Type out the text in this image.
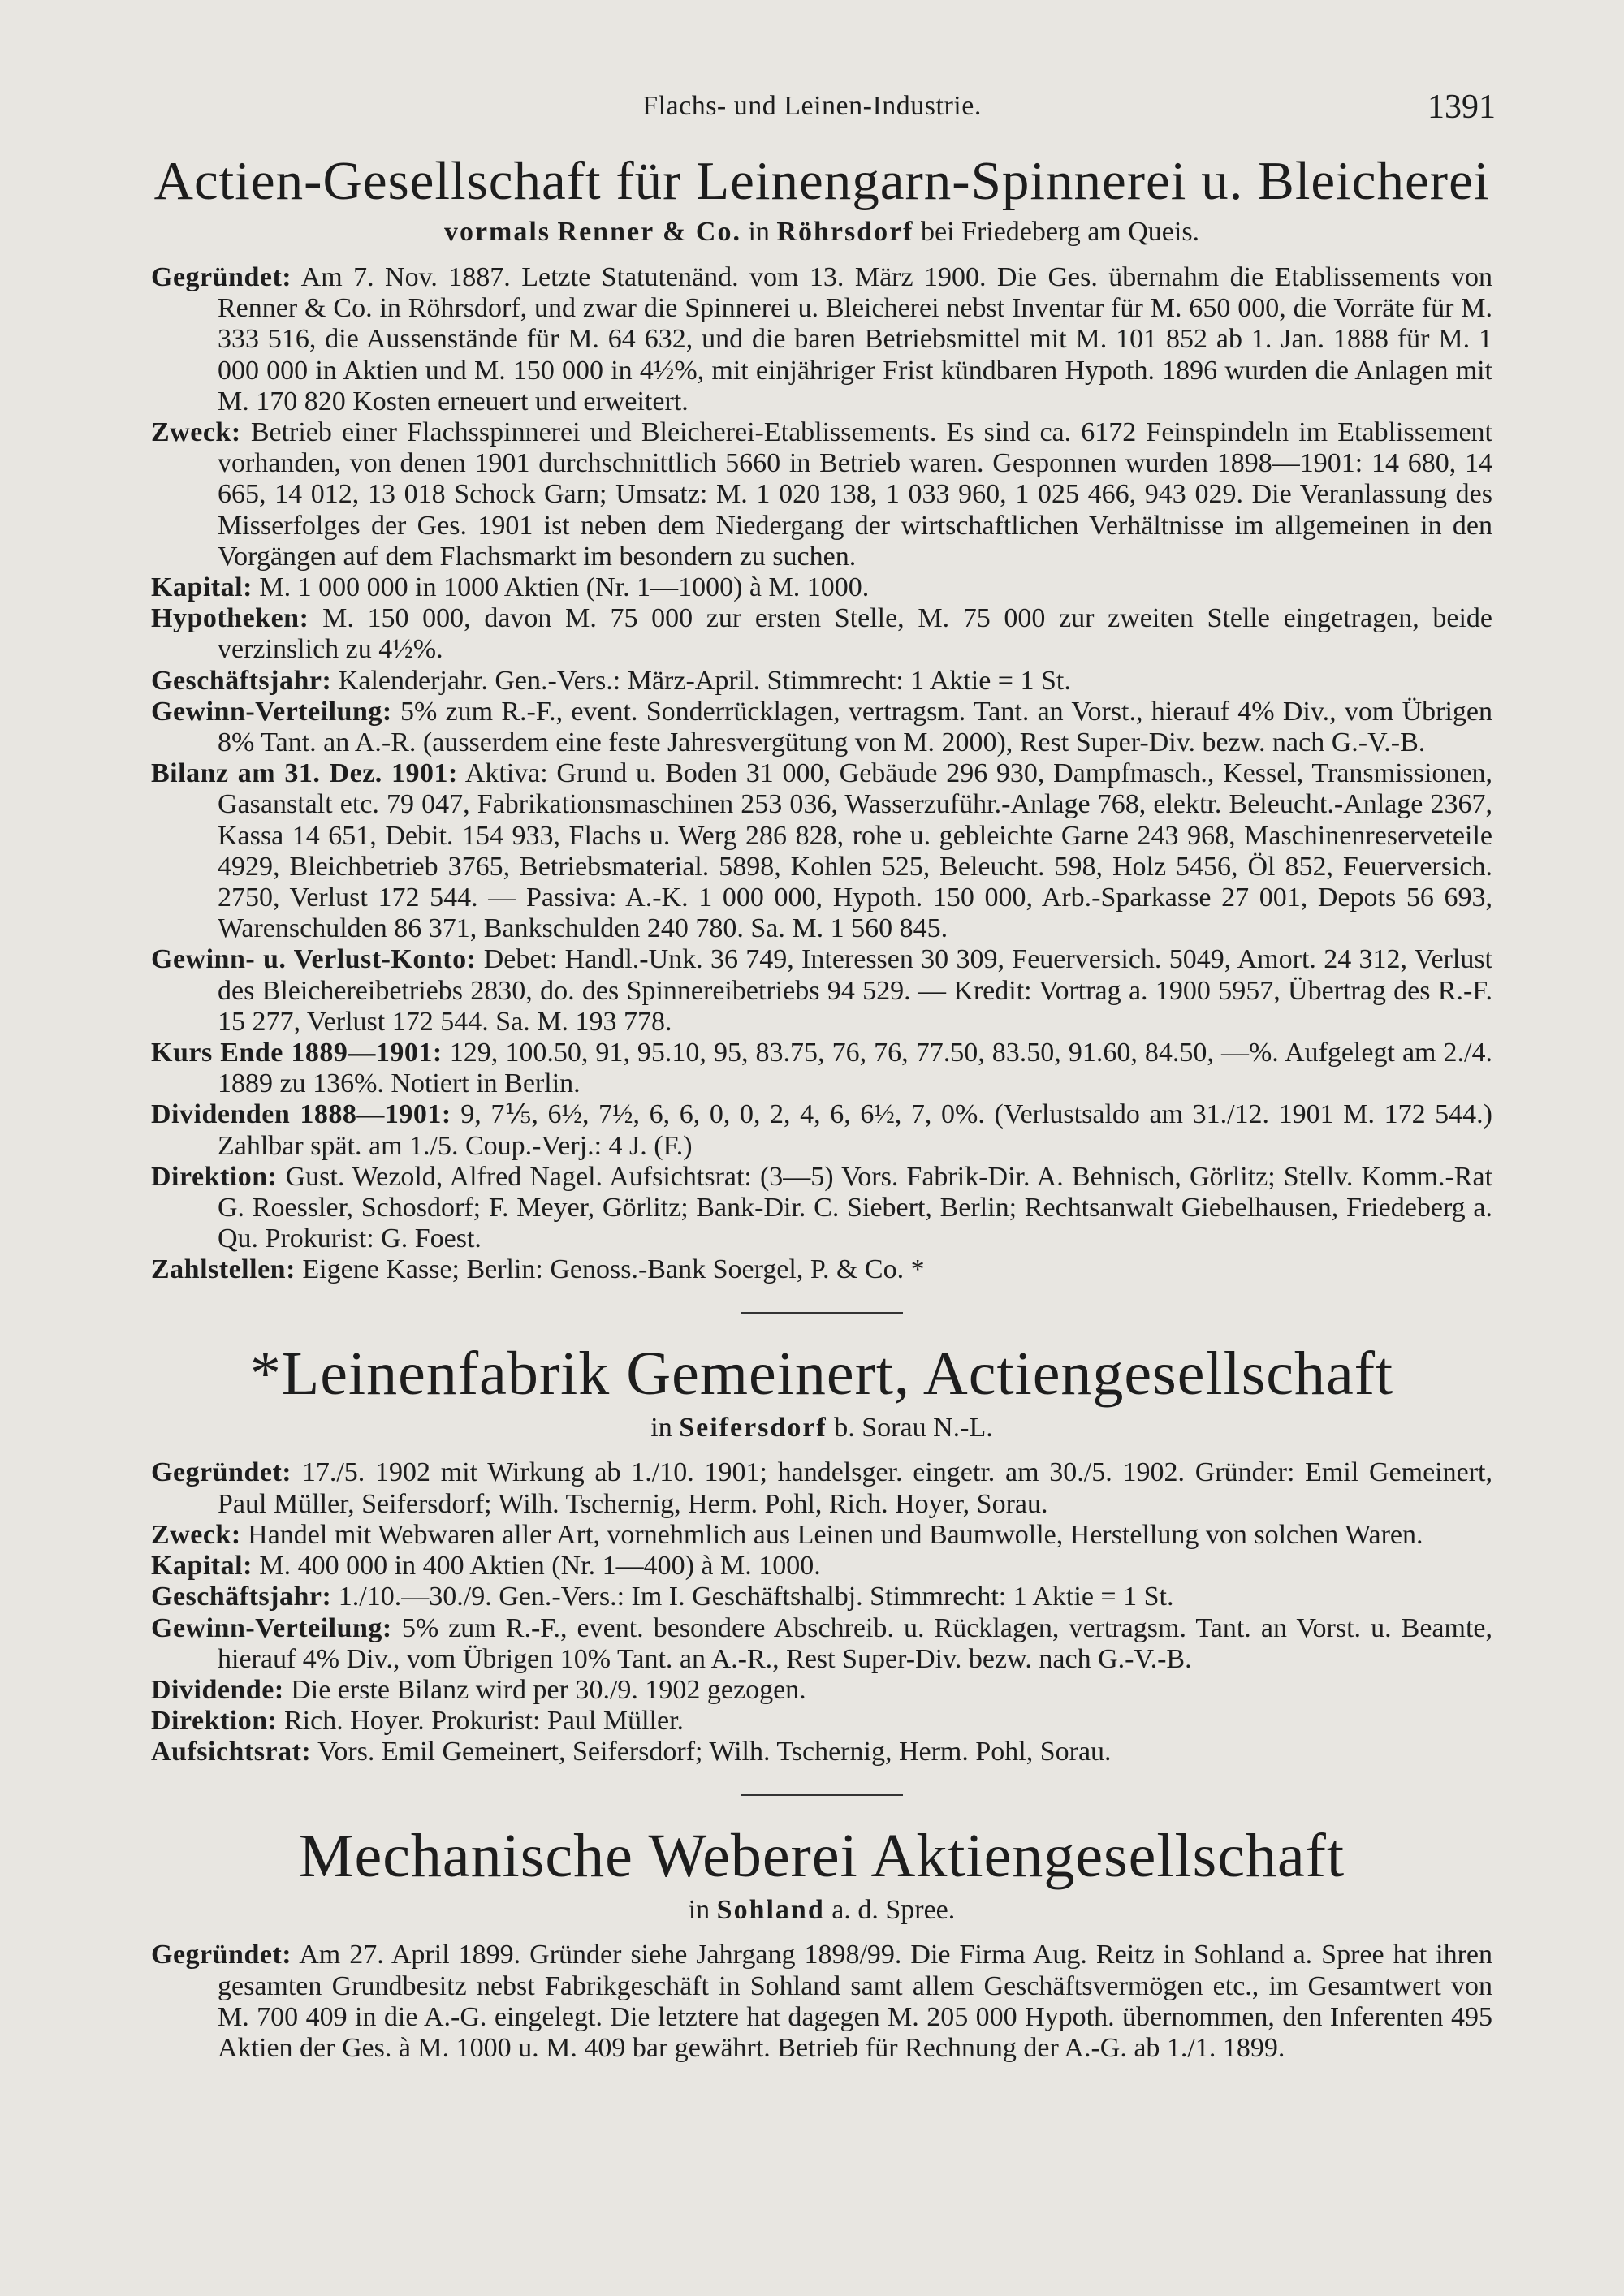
Flachs- und Leinen-Industrie.	1391
Actien-Gesellschaft für Leinengarn-Spinnerei u. Bleicherei
vormals Renner & Co. in Röhrsdorf bei Friedeberg am Queis.

Gegründet: Am 7. Nov. 1887. Letzte Statutenänd. vom 13. März 1900. Die Ges. übernahm die Etablissements von Renner & Co. in Röhrsdorf, und zwar die Spinnerei u. Bleicherei nebst Inventar für M. 650 000, die Vorräte für M. 333 516, die Aussenstände für M. 64 632, und die baren Betriebsmittel mit M. 101 852 ab 1. Jan. 1888 für M. 1 000 000 in Aktien und M. 150 000 in 4½%, mit einjähriger Frist kündbaren Hypoth. 1896 wurden die Anlagen mit M. 170 820 Kosten erneuert und erweitert.

Zweck: Betrieb einer Flachsspinnerei und Bleicherei-Etablissements. Es sind ca. 6172 Feinspindeln im Etablissement vorhanden, von denen 1901 durchschnittlich 5660 in Betrieb waren. Gesponnen wurden 1898—1901: 14 680, 14 665, 14 012, 13 018 Schock Garn; Umsatz: M. 1 020 138, 1 033 960, 1 025 466, 943 029. Die Veranlassung des Misserfolges der Ges. 1901 ist neben dem Niedergang der wirtschaftlichen Verhältnisse im allgemeinen in den Vorgängen auf dem Flachsmarkt im besondern zu suchen.

Kapital: M. 1 000 000 in 1000 Aktien (Nr. 1—1000) à M. 1000.

Hypotheken: M. 150 000, davon M. 75 000 zur ersten Stelle, M. 75 000 zur zweiten Stelle eingetragen, beide verzinslich zu 4½%.

Geschäftsjahr: Kalenderjahr. Gen.-Vers.: März-April. Stimmrecht: 1 Aktie = 1 St.

Gewinn-Verteilung: 5% zum R.-F., event. Sonderrücklagen, vertragsm. Tant. an Vorst., hierauf 4% Div., vom Übrigen 8% Tant. an A.-R. (ausserdem eine feste Jahresvergütung von M. 2000), Rest Super-Div. bezw. nach G.-V.-B.

Bilanz am 31. Dez. 1901: Aktiva: Grund u. Boden 31 000, Gebäude 296 930, Dampfmasch., Kessel, Transmissionen, Gasanstalt etc. 79 047, Fabrikationsmaschinen 253 036, Wasserzuführ.-Anlage 768, elektr. Beleucht.-Anlage 2367, Kassa 14 651, Debit. 154 933, Flachs u. Werg 286 828, rohe u. gebleichte Garne 243 968, Maschinenreserveteile 4929, Bleichbetrieb 3765, Betriebsmaterial. 5898, Kohlen 525, Beleucht. 598, Holz 5456, Öl 852, Feuerversich. 2750, Verlust 172 544. — Passiva: A.-K. 1 000 000, Hypoth. 150 000, Arb.-Sparkasse 27 001, Depots 56 693, Warenschulden 86 371, Bankschulden 240 780. Sa. M. 1 560 845.

Gewinn- u. Verlust-Konto: Debet: Handl.-Unk. 36 749, Interessen 30 309, Feuerversich. 5049, Amort. 24 312, Verlust des Bleichereibetriebs 2830, do. des Spinnereibetriebs 94 529. — Kredit: Vortrag a. 1900 5957, Übertrag des R.-F. 15 277, Verlust 172 544. Sa. M. 193 778.

Kurs Ende 1889—1901: 129, 100.50, 91, 95.10, 95, 83.75, 76, 76, 77.50, 83.50, 91.60, 84.50, —%. Aufgelegt am 2./4. 1889 zu 136%. Notiert in Berlin.

Dividenden 1888—1901: 9, 7⅕, 6½, 7½, 6, 6, 0, 0, 2, 4, 6, 6½, 7, 0%. (Verlustsaldo am 31./12. 1901 M. 172 544.) Zahlbar spät. am 1./5. Coup.-Verj.: 4 J. (F.)

Direktion: Gust. Wezold, Alfred Nagel. Aufsichtsrat: (3—5) Vors. Fabrik-Dir. A. Behnisch, Görlitz; Stellv. Komm.-Rat G. Roessler, Schosdorf; F. Meyer, Görlitz; Bank-Dir. C. Siebert, Berlin; Rechtsanwalt Giebelhausen, Friedeberg a. Qu. Prokurist: G. Foest.

Zahlstellen: Eigene Kasse; Berlin: Genoss.-Bank Soergel, P. & Co. *

*Leinenfabrik Gemeinert, Actiengesellschaft
in Seifersdorf b. Sorau N.-L.

Gegründet: 17./5. 1902 mit Wirkung ab 1./10. 1901; handelsger. eingetr. am 30./5. 1902. Gründer: Emil Gemeinert, Paul Müller, Seifersdorf; Wilh. Tschernig, Herm. Pohl, Rich. Hoyer, Sorau.

Zweck: Handel mit Webwaren aller Art, vornehmlich aus Leinen und Baumwolle, Herstellung von solchen Waren.

Kapital: M. 400 000 in 400 Aktien (Nr. 1—400) à M. 1000.

Geschäftsjahr: 1./10.—30./9. Gen.-Vers.: Im I. Geschäftshalbj. Stimmrecht: 1 Aktie = 1 St.

Gewinn-Verteilung: 5% zum R.-F., event. besondere Abschreib. u. Rücklagen, vertragsm. Tant. an Vorst. u. Beamte, hierauf 4% Div., vom Übrigen 10% Tant. an A.-R., Rest Super-Div. bezw. nach G.-V.-B.

Dividende: Die erste Bilanz wird per 30./9. 1902 gezogen.

Direktion: Rich. Hoyer. Prokurist: Paul Müller.

Aufsichtsrat: Vors. Emil Gemeinert, Seifersdorf; Wilh. Tschernig, Herm. Pohl, Sorau.

Mechanische Weberei Aktiengesellschaft
in Sohland a. d. Spree.

Gegründet: Am 27. April 1899. Gründer siehe Jahrgang 1898/99. Die Firma Aug. Reitz in Sohland a. Spree hat ihren gesamten Grundbesitz nebst Fabrikgeschäft in Sohland samt allem Geschäftsvermögen etc., im Gesamtwert von M. 700 409 in die A.-G. eingelegt. Die letztere hat dagegen M. 205 000 Hypoth. übernommen, den Inferenten 495 Aktien der Ges. à M. 1000 u. M. 409 bar gewährt. Betrieb für Rechnung der A.-G. ab 1./1. 1899.
